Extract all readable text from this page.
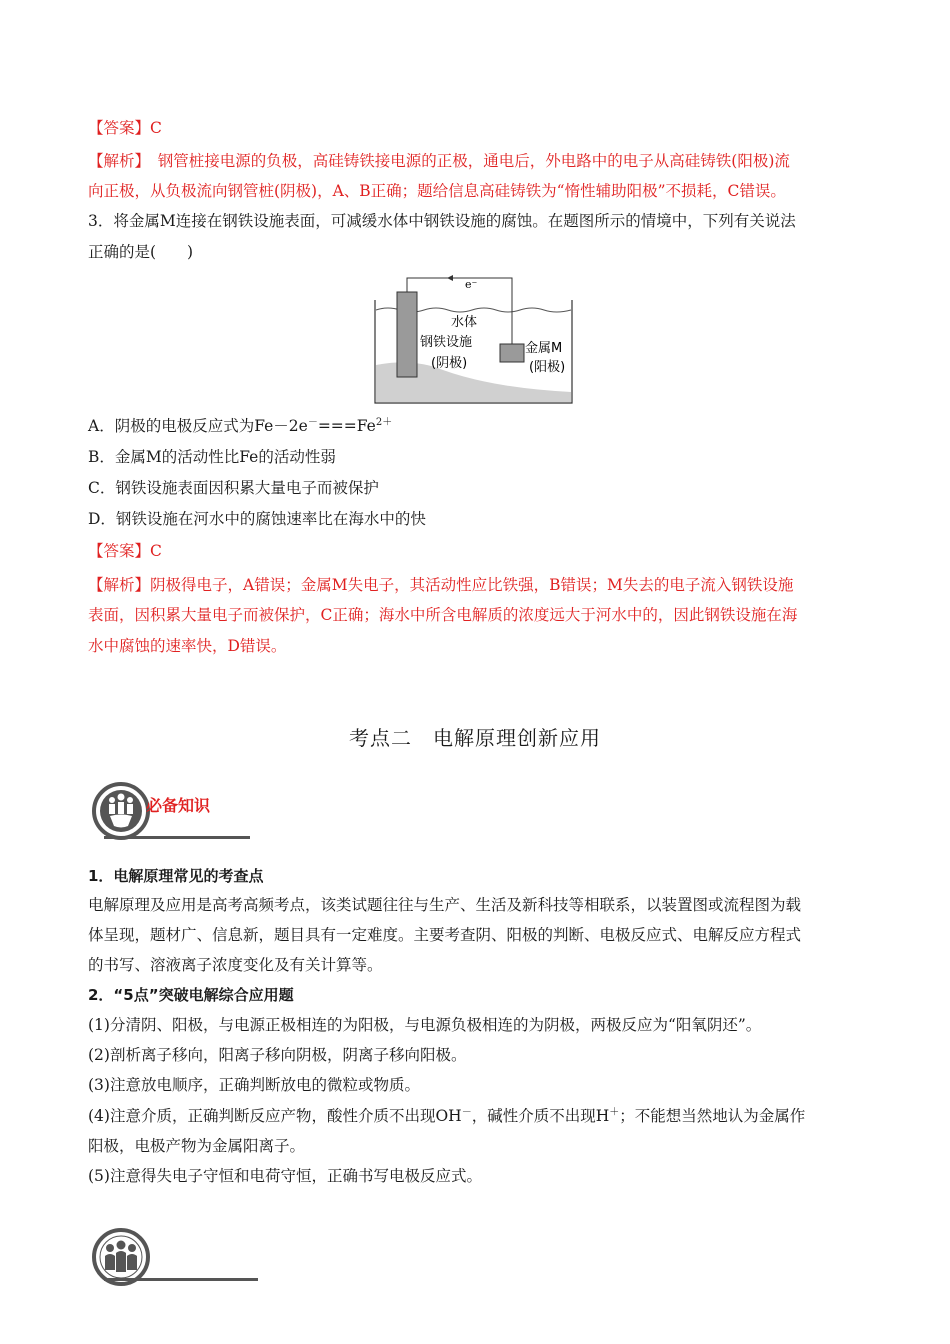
【答案】C
【解析】　 钢管桩接电源的负极，高硅铸铁接电源的正极，通电后，外电路中的电子从高硅铸铁(阳极)流
向正极，从负极流向钢管桩(阴极)，A、B正确；题给信息高硅铸铁为“惰性辅助阳极”不损耗，C错误。
3．将金属M连接在钢铁设施表面，可减缓水体中钢铁设施的腐蚀。在题图所示的情境中，下列有关说法
正确的是(　　)
e⁻
水体
钢铁设施
(阴极)
金属M
(阳极)
A．阴极的电极反应式为$Fe-2e^-===Fe^{2+}$
B．金属M的活动性比Fe的活动性弱
C．钢铁设施表面因积累大量电子而被保护
D．钢铁设施在河水中的腐蚀速率比在海水中的快
【答案】C
【解析】阴极得电子，A错误；金属M失电子，其活动性应比铁强，B错误；M失去的电子流入钢铁设施
表面，因积累大量电子而被保护，C正确；海水中所含电解质的浓度远大于河水中的，因此钢铁设施在海
水中腐蚀的速率快，D错误。
考点二　电解原理创新应用
必备知识
1．电解原理常见的考查点
电解原理及应用是高考高频考点，该类试题往往与生产、生活及新科技等相联系，以装置图或流程图为载
体呈现，题材广、信息新，题目具有一定难度。主要考查阴、阳极的判断、电极反应式、电解反应方程式
的书写、溶液离子浓度变化及有关计算等。
2．“5点”突破电解综合应用题
(1)分清阴、阳极，与电源正极相连的为阳极，与电源负极相连的为阴极，两极反应为“阳氧阴还”。
(2)剖析离子移向，阳离子移向阴极，阴离子移向阳极。
(3)注意放电顺序，正确判断放电的微粒或物质。
(4)注意介质，正确判断反应产物，酸性介质不出现OH－，碱性介质不出现H＋；不能想当然地认为金属作
阳极，电极产物为金属阳离子。
(5)注意得失电子守恒和电荷守恒，正确书写电极反应式。
